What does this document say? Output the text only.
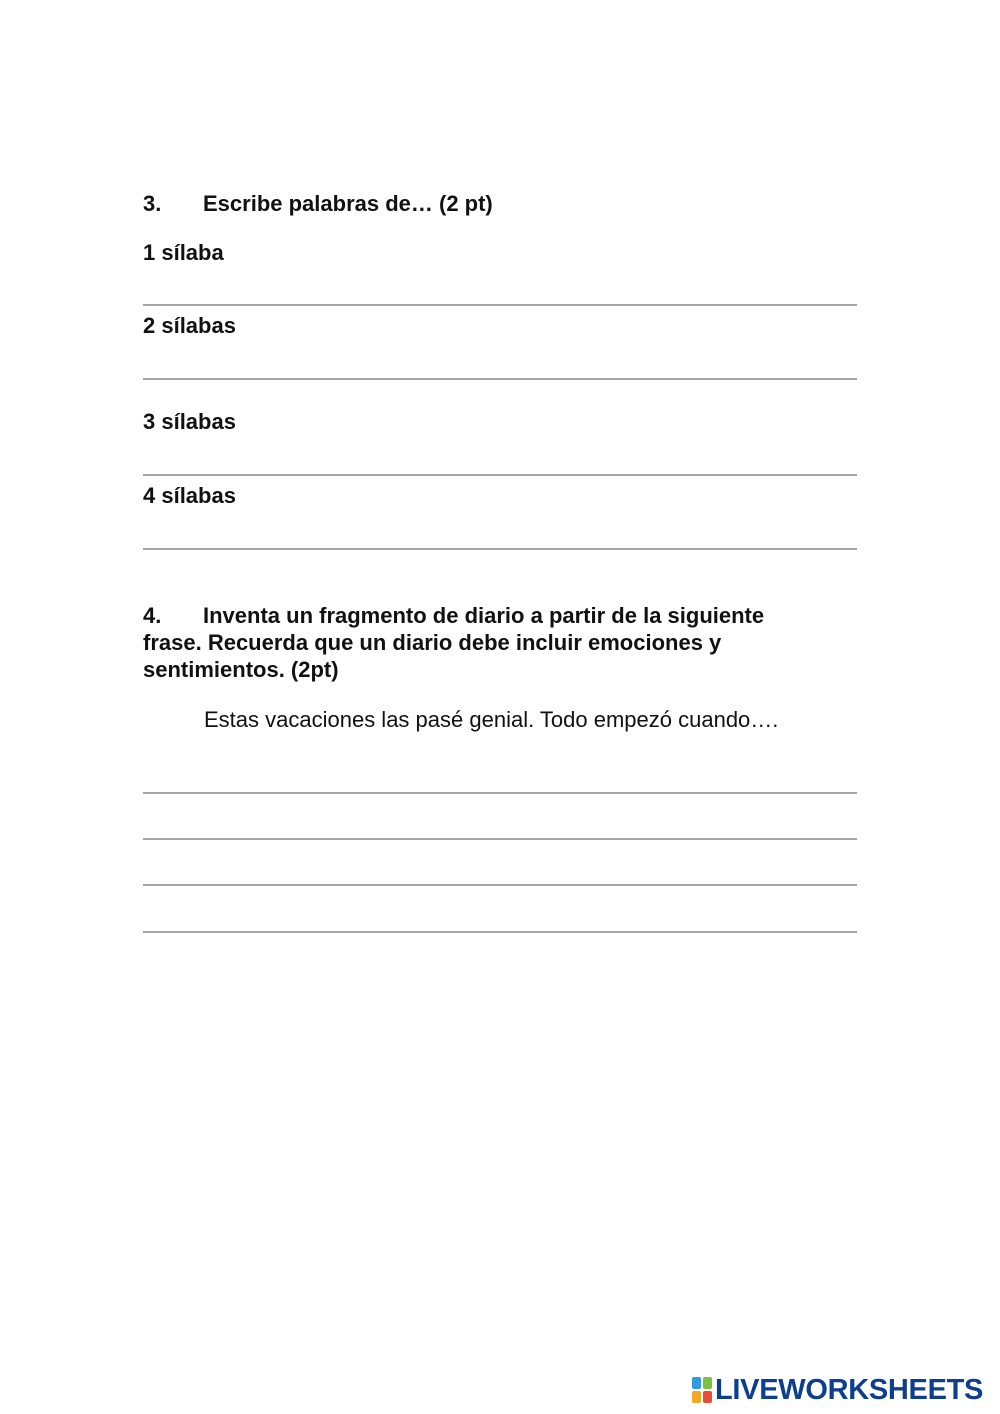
3. Escribe palabras de… (2 pt)
1 sílaba
2 sílabas
3 sílabas
4 sílabas
4. Inventa un fragmento de diario a partir de la siguiente
frase. Recuerda que un diario debe incluir emociones y
sentimientos. (2pt)
Estas vacaciones las pasé genial. Todo empezó cuando….
LIVEWORKSHEETS
